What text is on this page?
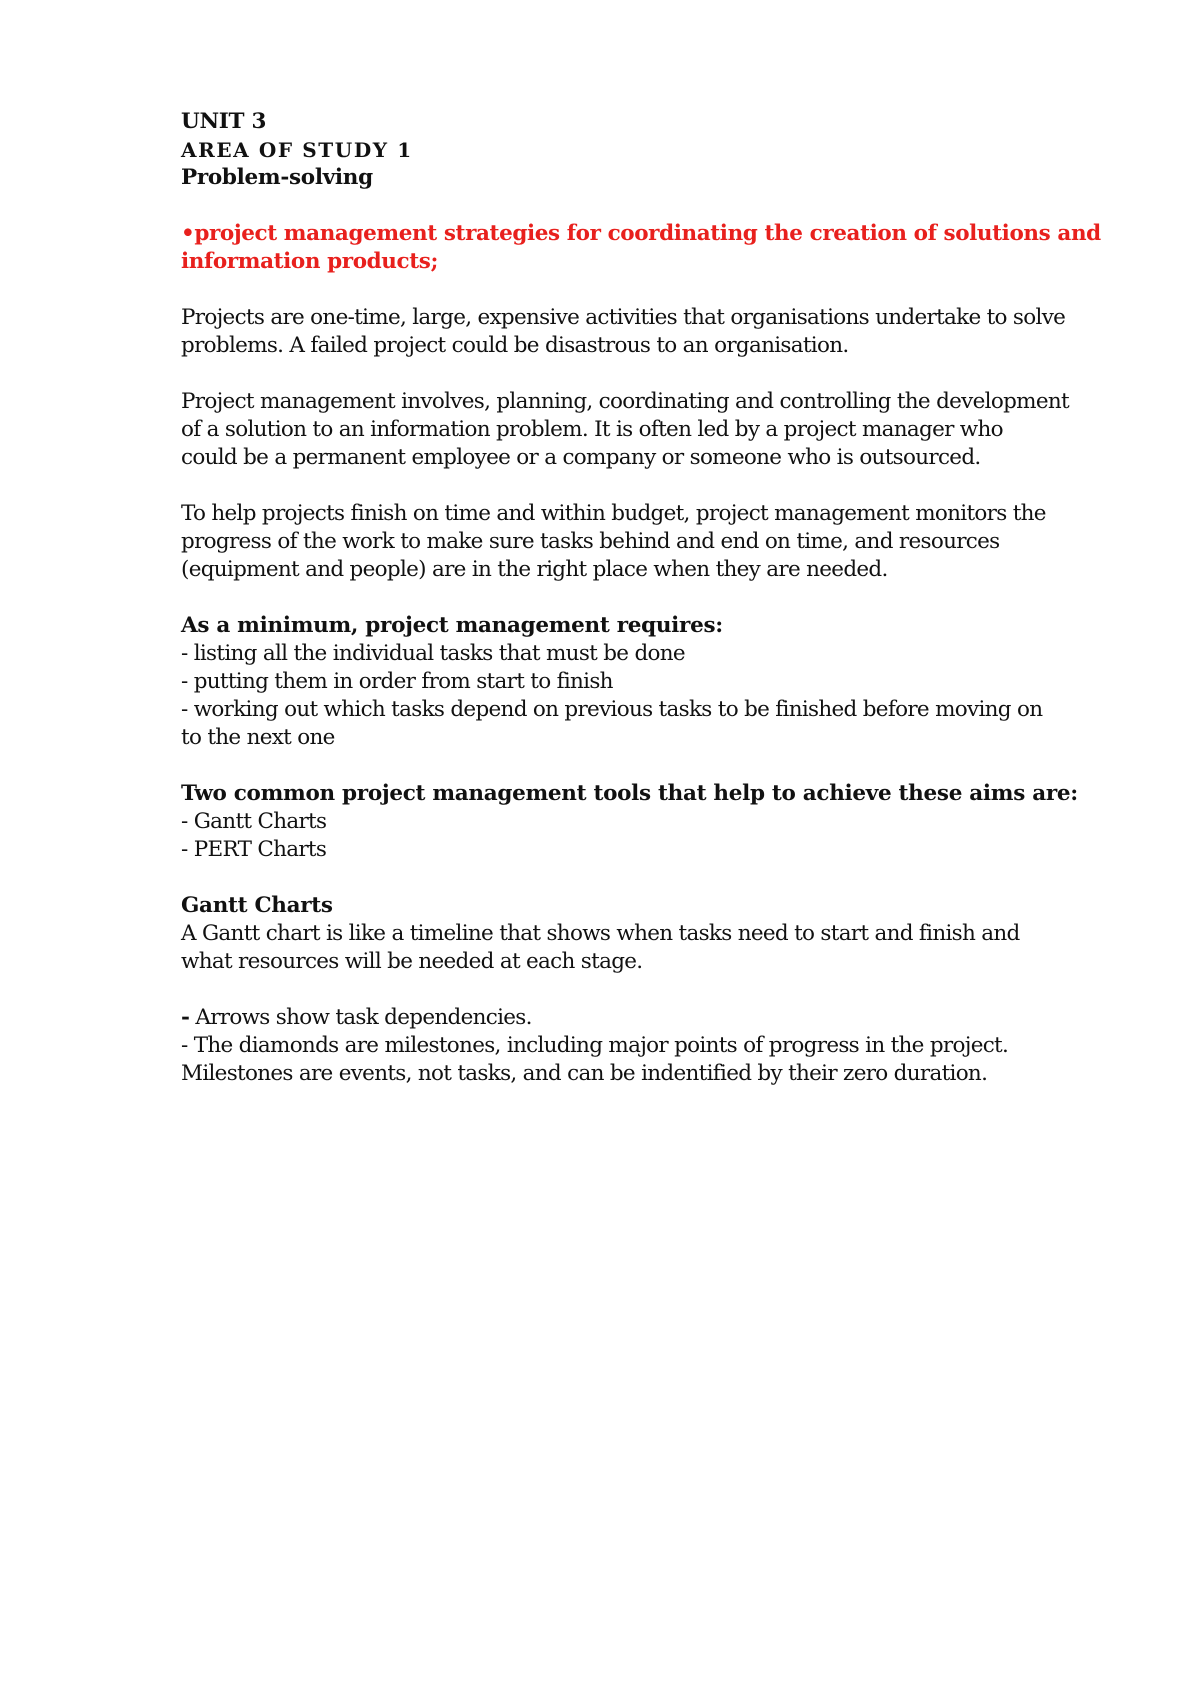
UNIT 3
AREA OF STUDY 1
Problem-solving
•project management strategies for coordinating the creation of solutions and
information products;
Projects are one-time, large, expensive activities that organisations undertake to solve
problems. A failed project could be disastrous to an organisation.
Project management involves, planning, coordinating and controlling the development
of a solution to an information problem. It is often led by a project manager who
could be a permanent employee or a company or someone who is outsourced.
To help projects finish on time and within budget, project management monitors the
progress of the work to make sure tasks behind and end on time, and resources
(equipment and people) are in the right place when they are needed.
As a minimum, project management requires:
- listing all the individual tasks that must be done
- putting them in order from start to finish
- working out which tasks depend on previous tasks to be finished before moving on
to the next one
Two common project management tools that help to achieve these aims are:
- Gantt Charts
- PERT Charts
Gantt Charts
A Gantt chart is like a timeline that shows when tasks need to start and finish and
what resources will be needed at each stage.
- Arrows show task dependencies.
- The diamonds are milestones, including major points of progress in the project.
Milestones are events, not tasks, and can be indentified by their zero duration.
